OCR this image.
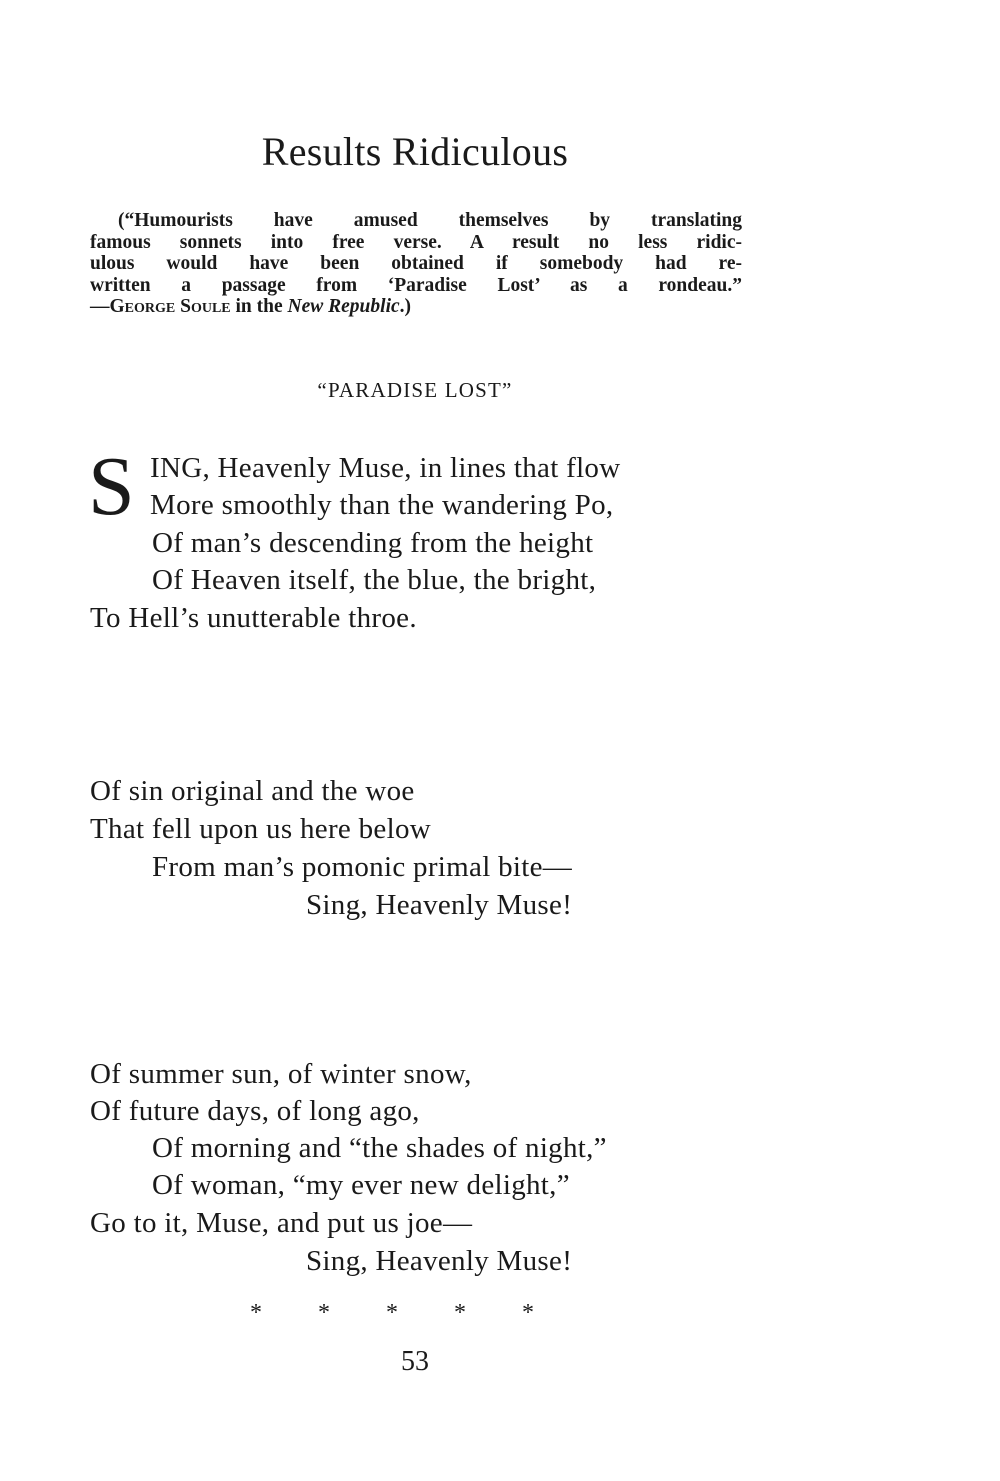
Results Ridiculous
(“Humourists have amused themselves by translating
famous sonnets into free verse. A result no less ridic-
ulous would have been obtained if somebody had re-
written a passage from ‘Paradise Lost’ as a rondeau.”
—George Soule in the New Republic.)
“PARADISE LOST”
S ING, Heavenly Muse, in lines that flow
More smoothly than the wandering Po,
Of man’s descending from the height
Of Heaven itself, the blue, the bright,
To Hell’s unutterable throe.
Of sin original and the woe
That fell upon us here below
From man’s pomonic primal bite—
Sing, Heavenly Muse!
Of summer sun, of winter snow,
Of future days, of long ago,
Of morning and “the shades of night,”
Of woman, “my ever new delight,”
Go to it, Muse, and put us joe—
Sing, Heavenly Muse!
* * * * *
53
